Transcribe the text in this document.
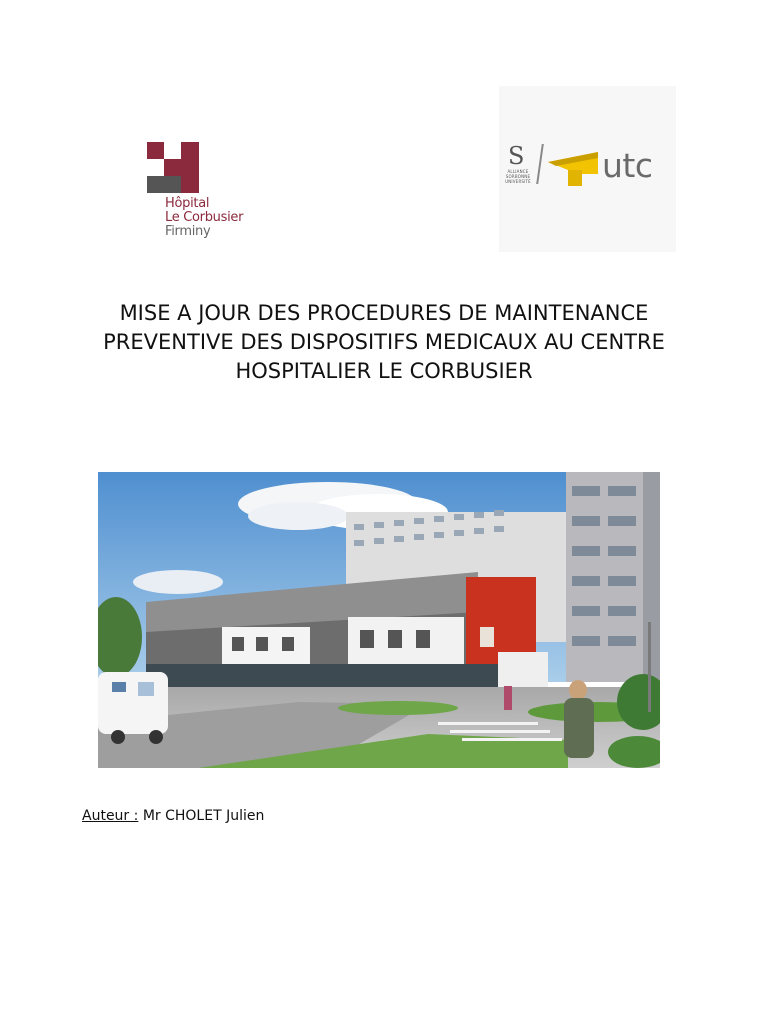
Hôpital
Le Corbusier
Firminy
S
ALLIANCE SORBONNE UNIVERSITÉ utc
MISE A JOUR DES PROCEDURES DE MAINTENANCE PREVENTIVE DES DISPOSITIFS MEDICAUX AU CENTRE HOSPITALIER LE CORBUSIER
Auteur : Mr CHOLET Julien
